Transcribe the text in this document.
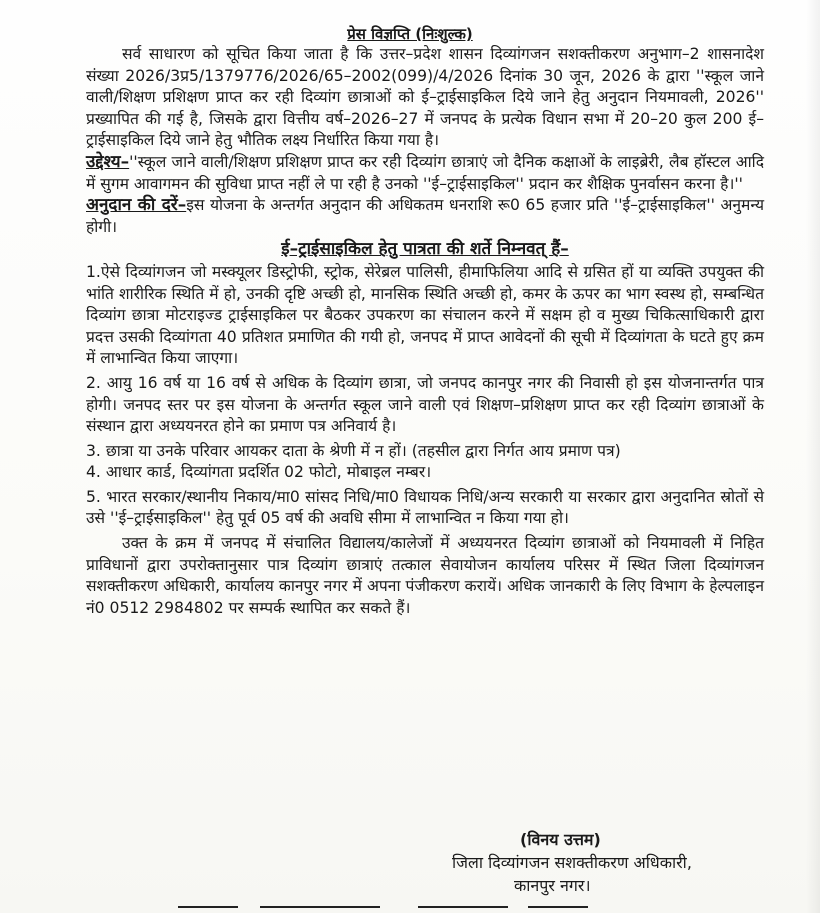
प्रेस विज्ञप्ति (निःशुल्क)

सर्व साधारण को सूचित किया जाता है कि उत्तर–प्रदेश शासन दिव्यांगजन सशक्तीकरण अनुभाग–2 शासनादेश संख्या 2026/3प्र5/1379776/2026/65–2002(099)/4/2026 दिनांक 30 जून, 2026 के द्वारा ''स्कूल जाने वाली/शिक्षण प्रशिक्षण प्राप्त कर रही दिव्यांग छात्राओं को ई–ट्राईसाइकिल दिये जाने हेतु अनुदान नियमावली, 2026'' प्रख्यापित की गई है, जिसके द्वारा वित्तीय वर्ष–2026–27 में जनपद के प्रत्येक विधान सभा में 20–20 कुल 200 ई–ट्राईसाइकिल दिये जाने हेतु भौतिक लक्ष्य निर्धारित किया गया है।

उद्देश्य–''स्कूल जाने वाली/शिक्षण प्रशिक्षण प्राप्त कर रही दिव्यांग छात्राएं जो दैनिक कक्षाओं के लाइब्रेरी, लैब हॉस्टल आदि में सुगम आवागमन की सुविधा प्राप्त नहीं ले पा रही है उनको ''ई–ट्राईसाइकिल'' प्रदान कर शैक्षिक पुनर्वासन करना है।''

अनुदान की दरें–इस योजना के अन्तर्गत अनुदान की अधिकतम धनराशि रू0 65 हजार प्रति ''ई–ट्राईसाइकिल'' अनुमन्य होगी।

ई–ट्राईसाइकिल हेतु पात्रता की शर्ते निम्नवत् हैं–

1.ऐसे दिव्यांगजन जो मस्क्यूलर डिस्ट्रोफी, स्ट्रोक, सेरेब्रल पालिसी, हीमाफिलिया आदि से ग्रसित हों या व्यक्ति उपयुक्त की भांति शारीरिक स्थिति में हो, उनकी दृष्टि अच्छी हो, मानसिक स्थिति अच्छी हो, कमर के ऊपर का भाग स्वस्थ हो, सम्बन्धित दिव्यांग छात्रा मोटराइज्ड ट्राईसाइकिल पर बैठकर उपकरण का संचालन करने में सक्षम हो व मुख्य चिकित्साधिकारी द्वारा प्रदत्त उसकी दिव्यांगता 40 प्रतिशत प्रमाणित की गयी हो, जनपद में प्राप्त आवेदनों की सूची में दिव्यांगता के घटते हुए क्रम में लाभान्वित किया जाएगा।

2. आयु 16 वर्ष या 16 वर्ष से अधिक के दिव्यांग छात्रा, जो जनपद कानपुर नगर की निवासी हो इस योजनान्तर्गत पात्र होगी। जनपद स्तर पर इस योजना के अन्तर्गत स्कूल जाने वाली एवं शिक्षण–प्रशिक्षण प्राप्त कर रही दिव्यांग छात्राओं के संस्थान द्वारा अध्ययनरत होने का प्रमाण पत्र अनिवार्य है।

3. छात्रा या उनके परिवार आयकर दाता के श्रेणी में न हों। (तहसील द्वारा निर्गत आय प्रमाण पत्र)

4. आधार कार्ड, दिव्यांगता प्रदर्शित 02 फोटो, मोबाइल नम्बर।

5. भारत सरकार/स्थानीय निकाय/मा0 सांसद निधि/मा0 विधायक निधि/अन्य सरकारी या सरकार द्वारा अनुदानित स्रोतों से उसे ''ई–ट्राईसाइकिल'' हेतु पूर्व 05 वर्ष की अवधि सीमा में लाभान्वित न किया गया हो।

उक्त के क्रम में जनपद में संचालित विद्यालय/कालेजों में अध्ययनरत दिव्यांग छात्राओं को नियमावली में निहित प्राविधानों द्वारा उपरोक्तानुसार पात्र दिव्यांग छात्राएं तत्काल सेवायोजन कार्यालय परिसर में स्थित जिला दिव्यांगजन सशक्तीकरण अधिकारी, कार्यालय कानपुर नगर में अपना पंजीकरण करायें। अधिक जानकारी के लिए विभाग के हेल्पलाइन नं0 0512 2984802 पर सम्पर्क स्थापित कर सकते हैं।

(विनय उत्तम)
जिला दिव्यांगजन सशक्तीकरण अधिकारी,
कानपुर नगर।
